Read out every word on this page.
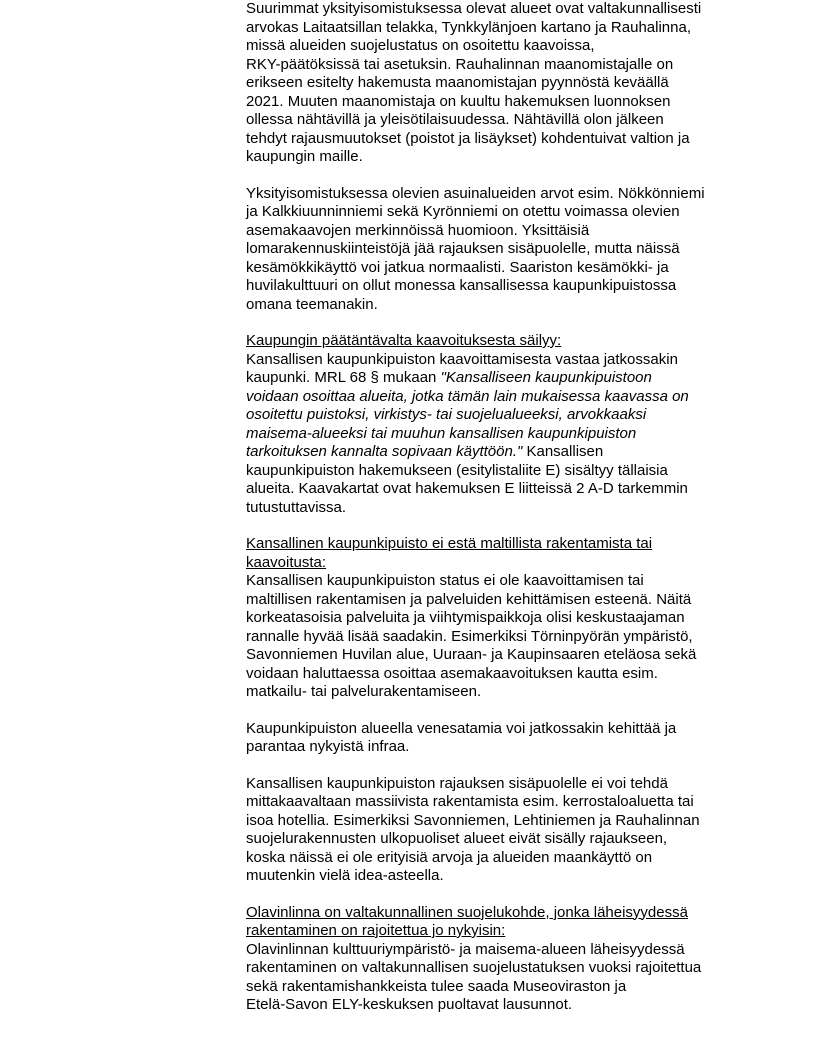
Suurimmat yksityisomistuksessa olevat alueet ovat valtakunnallisesti
arvokas Laitaatsillan telakka, Tynkkylänjoen kartano ja Rauhalinna,
missä alueiden suojelustatus on osoitettu kaavoissa,
RKY-päätöksissä tai asetuksin. Rauhalinnan maanomistajalle on
erikseen esitelty hakemusta maanomistajan pyynnöstä keväällä
2021. Muuten maanomistaja on kuultu hakemuksen luonnoksen
ollessa nähtävillä ja yleisötilaisuudessa. Nähtävillä olon jälkeen
tehdyt rajausmuutokset (poistot ja lisäykset) kohdentuivat valtion ja
kaupungin maille.

Yksityisomistuksessa olevien asuinalueiden arvot esim. Nökkönniemi
ja Kalkkiuunninniemi sekä Kyrönniemi on otettu voimassa olevien
asemakaavojen merkinnöissä huomioon. Yksittäisiä
lomarakennuskiinteistöjä jää rajauksen sisäpuolelle, mutta näissä
kesämökkikäyttö voi jatkua normaalisti. Saariston kesämökki- ja
huvilakulttuuri on ollut monessa kansallisessa kaupunkipuistossa
omana teemanakin.

Kaupungin päätäntävalta kaavoituksesta säilyy:
Kansallisen kaupunkipuiston kaavoittamisesta vastaa jatkossakin
kaupunki. MRL 68 § mukaan "Kansalliseen kaupunkipuistoon
voidaan osoittaa alueita, jotka tämän lain mukaisessa kaavassa on
osoitettu puistoksi, virkistys- tai suojelualueeksi, arvokkaaksi
maisema-alueeksi tai muuhun kansallisen kaupunkipuiston
tarkoituksen kannalta sopivaan käyttöön." Kansallisen
kaupunkipuiston hakemukseen (esitylistaliite E) sisältyy tällaisia
alueita. Kaavakartat ovat hakemuksen E liitteissä 2 A-D tarkemmin
tutustuttavissa.

Kansallinen kaupunkipuisto ei estä maltillista rakentamista tai
kaavoitusta:
Kansallisen kaupunkipuiston status ei ole kaavoittamisen tai
maltillisen rakentamisen ja palveluiden kehittämisen esteenä. Näitä
korkeatasoisia palveluita ja viihtymispaikkoja olisi keskustaajaman
rannalle hyvää lisää saadakin. Esimerkiksi Törninpyörän ympäristö,
Savonniemen Huvilan alue, Uuraan- ja Kaupinsaaren eteläosa sekä
voidaan haluttaessa osoittaa asemakaavoituksen kautta esim.
matkailu- tai palvelurakentamiseen.

Kaupunkipuiston alueella venesatamia voi jatkossakin kehittää ja
parantaa nykyistä infraa.

Kansallisen kaupunkipuiston rajauksen sisäpuolelle ei voi tehdä
mittakaavaltaan massiivista rakentamista esim. kerrostaloaluetta tai
isoa hotellia. Esimerkiksi Savonniemen, Lehtiniemen ja Rauhalinnan
suojelurakennusten ulkopuoliset alueet eivät sisälly rajaukseen,
koska näissä ei ole erityisiä arvoja ja alueiden maankäyttö on
muutenkin vielä idea-asteella.

Olavinlinna on valtakunnallinen suojelukohde, jonka läheisyydessä
rakentaminen on rajoitettua jo nykyisin:
Olavinlinnan kulttuuriympäristö- ja maisema-alueen läheisyydessä
rakentaminen on valtakunnallisen suojelustatuksen vuoksi rajoitettua
sekä rakentamishankkeista tulee saada Museoviraston ja
Etelä-Savon ELY-keskuksen puoltavat lausunnot.
